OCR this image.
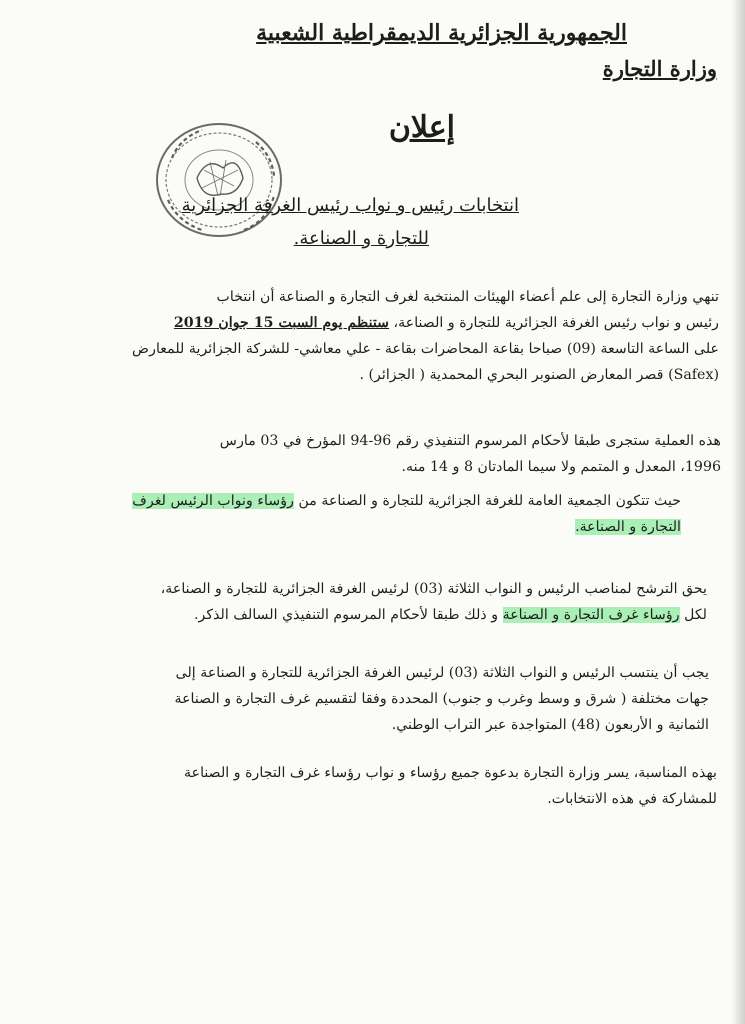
الجمهورية الجزائرية الديمقراطية الشعبية
وزارة التجارة
إعلان
انتخابات رئيس و نواب رئيس الغرفة الجزائرية
للتجارة و الصناعة.
تنهي وزارة التجارة إلى علم أعضاء الهيئات المنتخبة لغرف التجارة و الصناعة أن انتخاب
رئيس و نواب رئيس الغرفة الجزائرية للتجارة و الصناعة، ستنظم يوم السبت 15 جوان 2019
على الساعة التاسعة (09) صباحا بقاعة المحاضرات بقاعة - علي معاشي- للشركة الجزائرية للمعارض
(Safex) قصر المعارض الصنوبر البحري المحمدية ( الجزائر) .
هذه العملية ستجرى طبقا لأحكام المرسوم التنفيذي رقم 96-94 المؤرخ في 03 مارس
1996، المعدل و المتمم ولا سيما المادتان 8 و 14 منه.
حيث تتكون الجمعية العامة للغرفة الجزائرية للتجارة و الصناعة من رؤساء ونواب الرئيس لغرف
التجارة و الصناعة.
يحق الترشح لمناصب الرئيس و النواب الثلاثة (03) لرئيس الغرفة الجزائرية للتجارة و الصناعة،
لكل رؤساء غرف التجارة و الصناعة و ذلك طبقا لأحكام المرسوم التنفيذي السالف الذكر.
يجب أن ينتسب الرئيس و النواب الثلاثة (03) لرئيس الغرفة الجزائرية للتجارة و الصناعة إلى
جهات مختلفة ( شرق و وسط وغرب و جنوب) المحددة وفقا لتقسيم غرف التجارة و الصناعة
الثمانية و الأربعون (48) المتواجدة عبر التراب الوطني.
بهذه المناسبة، يسر وزارة التجارة بدعوة جميع رؤساء و نواب رؤساء غرف التجارة و الصناعة
للمشاركة في هذه الانتخابات.
